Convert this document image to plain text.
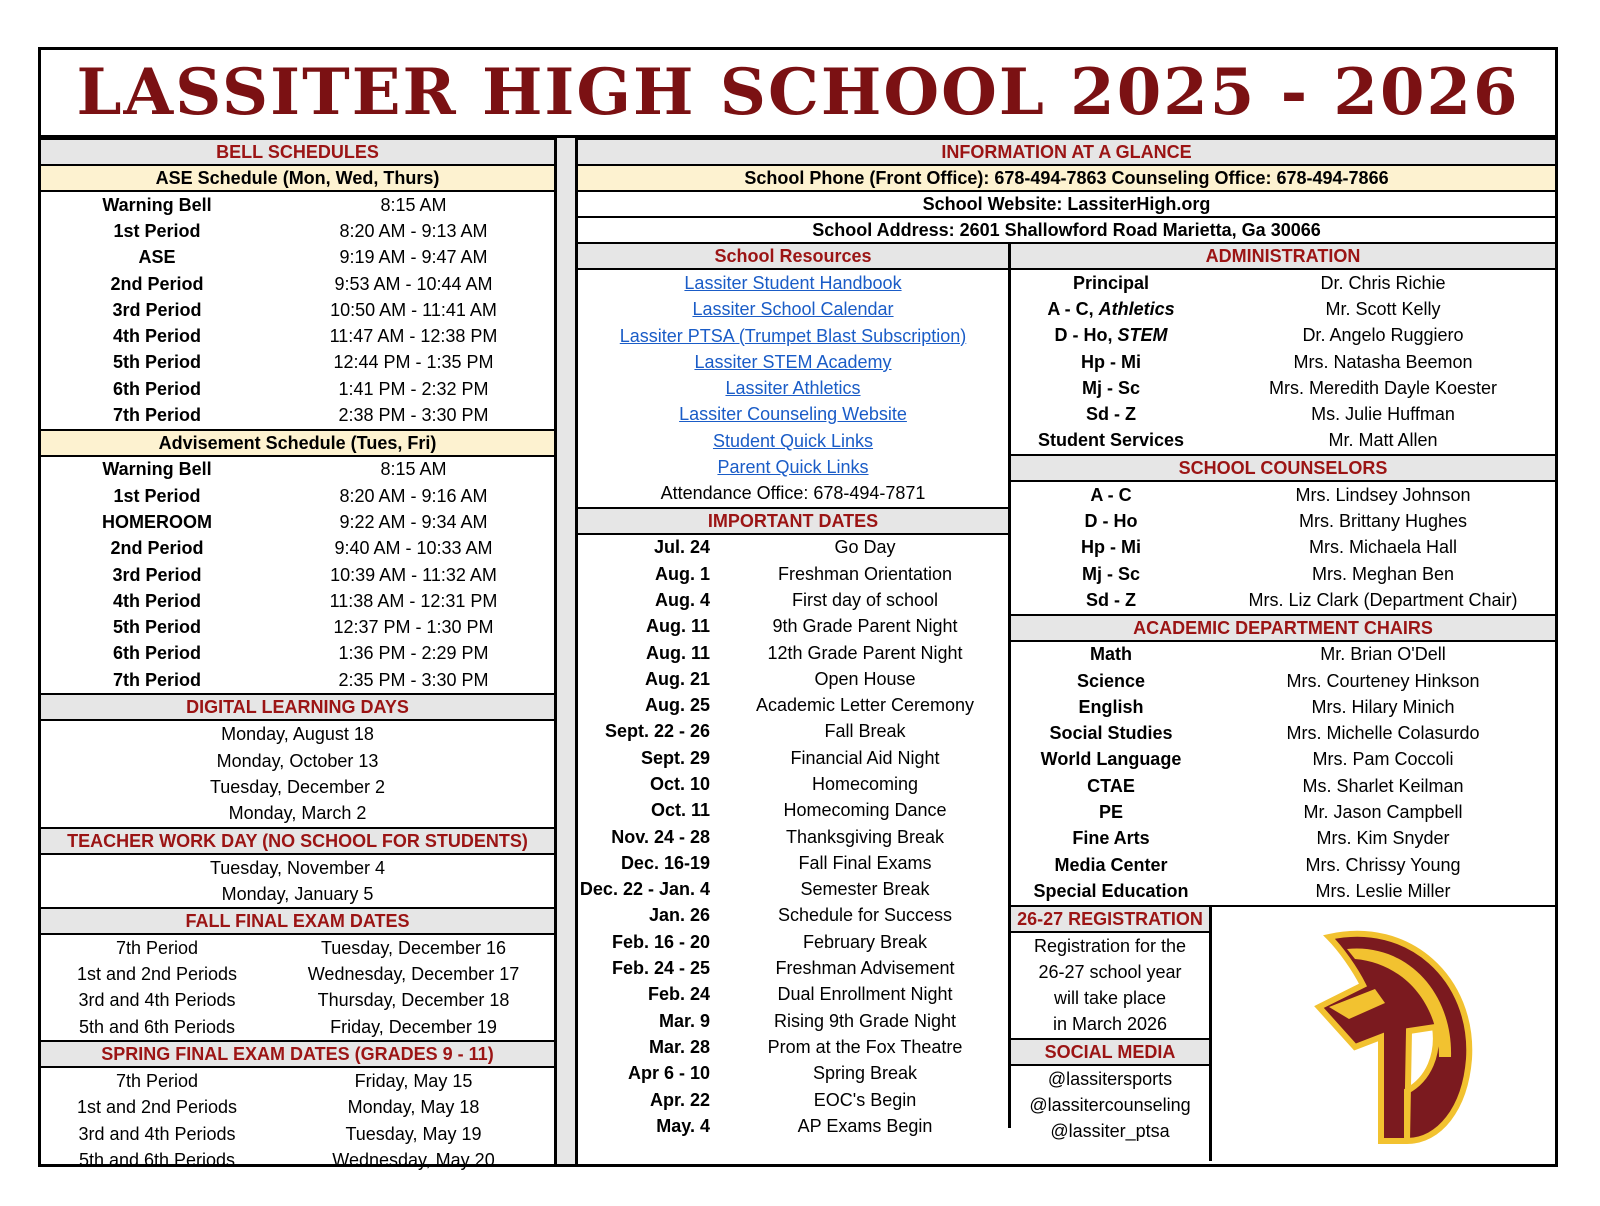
LASSITER HIGH SCHOOL 2025 - 2026
BELL SCHEDULES
ASE Schedule (Mon, Wed, Thurs)
Warning Bell	8:15 AM
1st Period	8:20 AM - 9:13 AM
ASE	9:19 AM - 9:47 AM
2nd Period	9:53 AM - 10:44 AM
3rd Period	10:50 AM - 11:41 AM
4th Period	11:47 AM - 12:38 PM
5th Period	12:44 PM - 1:35 PM
6th Period	1:41 PM - 2:32 PM
7th Period	2:38 PM - 3:30 PM
Advisement Schedule (Tues, Fri)
Warning Bell	8:15 AM
1st Period	8:20 AM - 9:16 AM
HOMEROOM	9:22 AM - 9:34 AM
2nd Period	9:40 AM - 10:33 AM
3rd Period	10:39 AM - 11:32 AM
4th Period	11:38 AM - 12:31 PM
5th Period	12:37 PM - 1:30 PM
6th Period	1:36 PM - 2:29 PM
7th Period	2:35 PM - 3:30 PM
DIGITAL LEARNING DAYS
Monday, August 18
Monday, October 13
Tuesday, December 2
Monday, March 2
TEACHER WORK DAY (NO SCHOOL FOR STUDENTS)
Tuesday, November 4
Monday, January 5
FALL FINAL EXAM DATES
7th Period	Tuesday, December 16
1st and 2nd Periods	Wednesday, December 17
3rd and 4th Periods	Thursday, December 18
5th and 6th Periods	Friday, December 19
SPRING FINAL EXAM DATES (GRADES 9 - 11)
7th Period	Friday, May 15
1st and 2nd Periods	Monday, May 18
3rd and 4th Periods	Tuesday, May 19
5th and 6th Periods	Wednesday, May 20
INFORMATION AT A GLANCE
School Phone (Front Office): 678-494-7863 Counseling Office: 678-494-7866
School Website: LassiterHigh.org
School Address: 2601 Shallowford Road Marietta, Ga 30066
School Resources
Lassiter Student Handbook
Lassiter School Calendar
Lassiter PTSA (Trumpet Blast Subscription)
Lassiter STEM Academy
Lassiter Athletics
Lassiter Counseling Website
Student Quick Links
Parent Quick Links
Attendance Office: 678-494-7871
IMPORTANT DATES
Jul. 24	Go Day
Aug. 1	Freshman Orientation
Aug. 4	First day of school
Aug. 11	9th Grade Parent Night
Aug. 11	12th Grade Parent Night
Aug. 21	Open House
Aug. 25	Academic Letter Ceremony
Sept. 22 - 26	Fall Break
Sept. 29	Financial Aid Night
Oct. 10	Homecoming
Oct. 11	Homecoming Dance
Nov. 24 - 28	Thanksgiving Break
Dec. 16-19	Fall Final Exams
Dec. 22 - Jan. 4	Semester Break
Jan. 26	Schedule for Success
Feb. 16 - 20	February Break
Feb. 24 - 25	Freshman Advisement
Feb. 24	Dual Enrollment Night
Mar. 9	Rising 9th Grade Night
Mar. 28	Prom at the Fox Theatre
Apr 6 - 10	Spring Break
Apr. 22	EOC's Begin
May. 4	AP Exams Begin
ADMINISTRATION
Principal	Dr. Chris Richie
A - C, Athletics	Mr. Scott Kelly
D - Ho, STEM	Dr. Angelo Ruggiero
Hp - Mi	Mrs. Natasha Beemon
Mj - Sc	Mrs. Meredith Dayle Koester
Sd - Z	Ms. Julie Huffman
Student Services	Mr. Matt Allen
SCHOOL COUNSELORS
A - C	Mrs. Lindsey Johnson
D - Ho	Mrs. Brittany Hughes
Hp - Mi	Mrs. Michaela Hall
Mj - Sc	Mrs. Meghan Ben
Sd - Z	Mrs. Liz Clark (Department Chair)
ACADEMIC DEPARTMENT CHAIRS
Math	Mr. Brian O'Dell
Science	Mrs. Courteney Hinkson
English	Mrs. Hilary Minich
Social Studies	Mrs. Michelle Colasurdo
World Language	Mrs. Pam Coccoli
CTAE	Ms. Sharlet Keilman
PE	Mr. Jason Campbell
Fine Arts	Mrs. Kim Snyder
Media Center	Mrs. Chrissy Young
Special Education	Mrs. Leslie Miller
26-27 REGISTRATION
Registration for the
26-27 school year
will take place
in March 2026
SOCIAL MEDIA
@lassitersports
@lassitercounseling
@lassiter_ptsa
